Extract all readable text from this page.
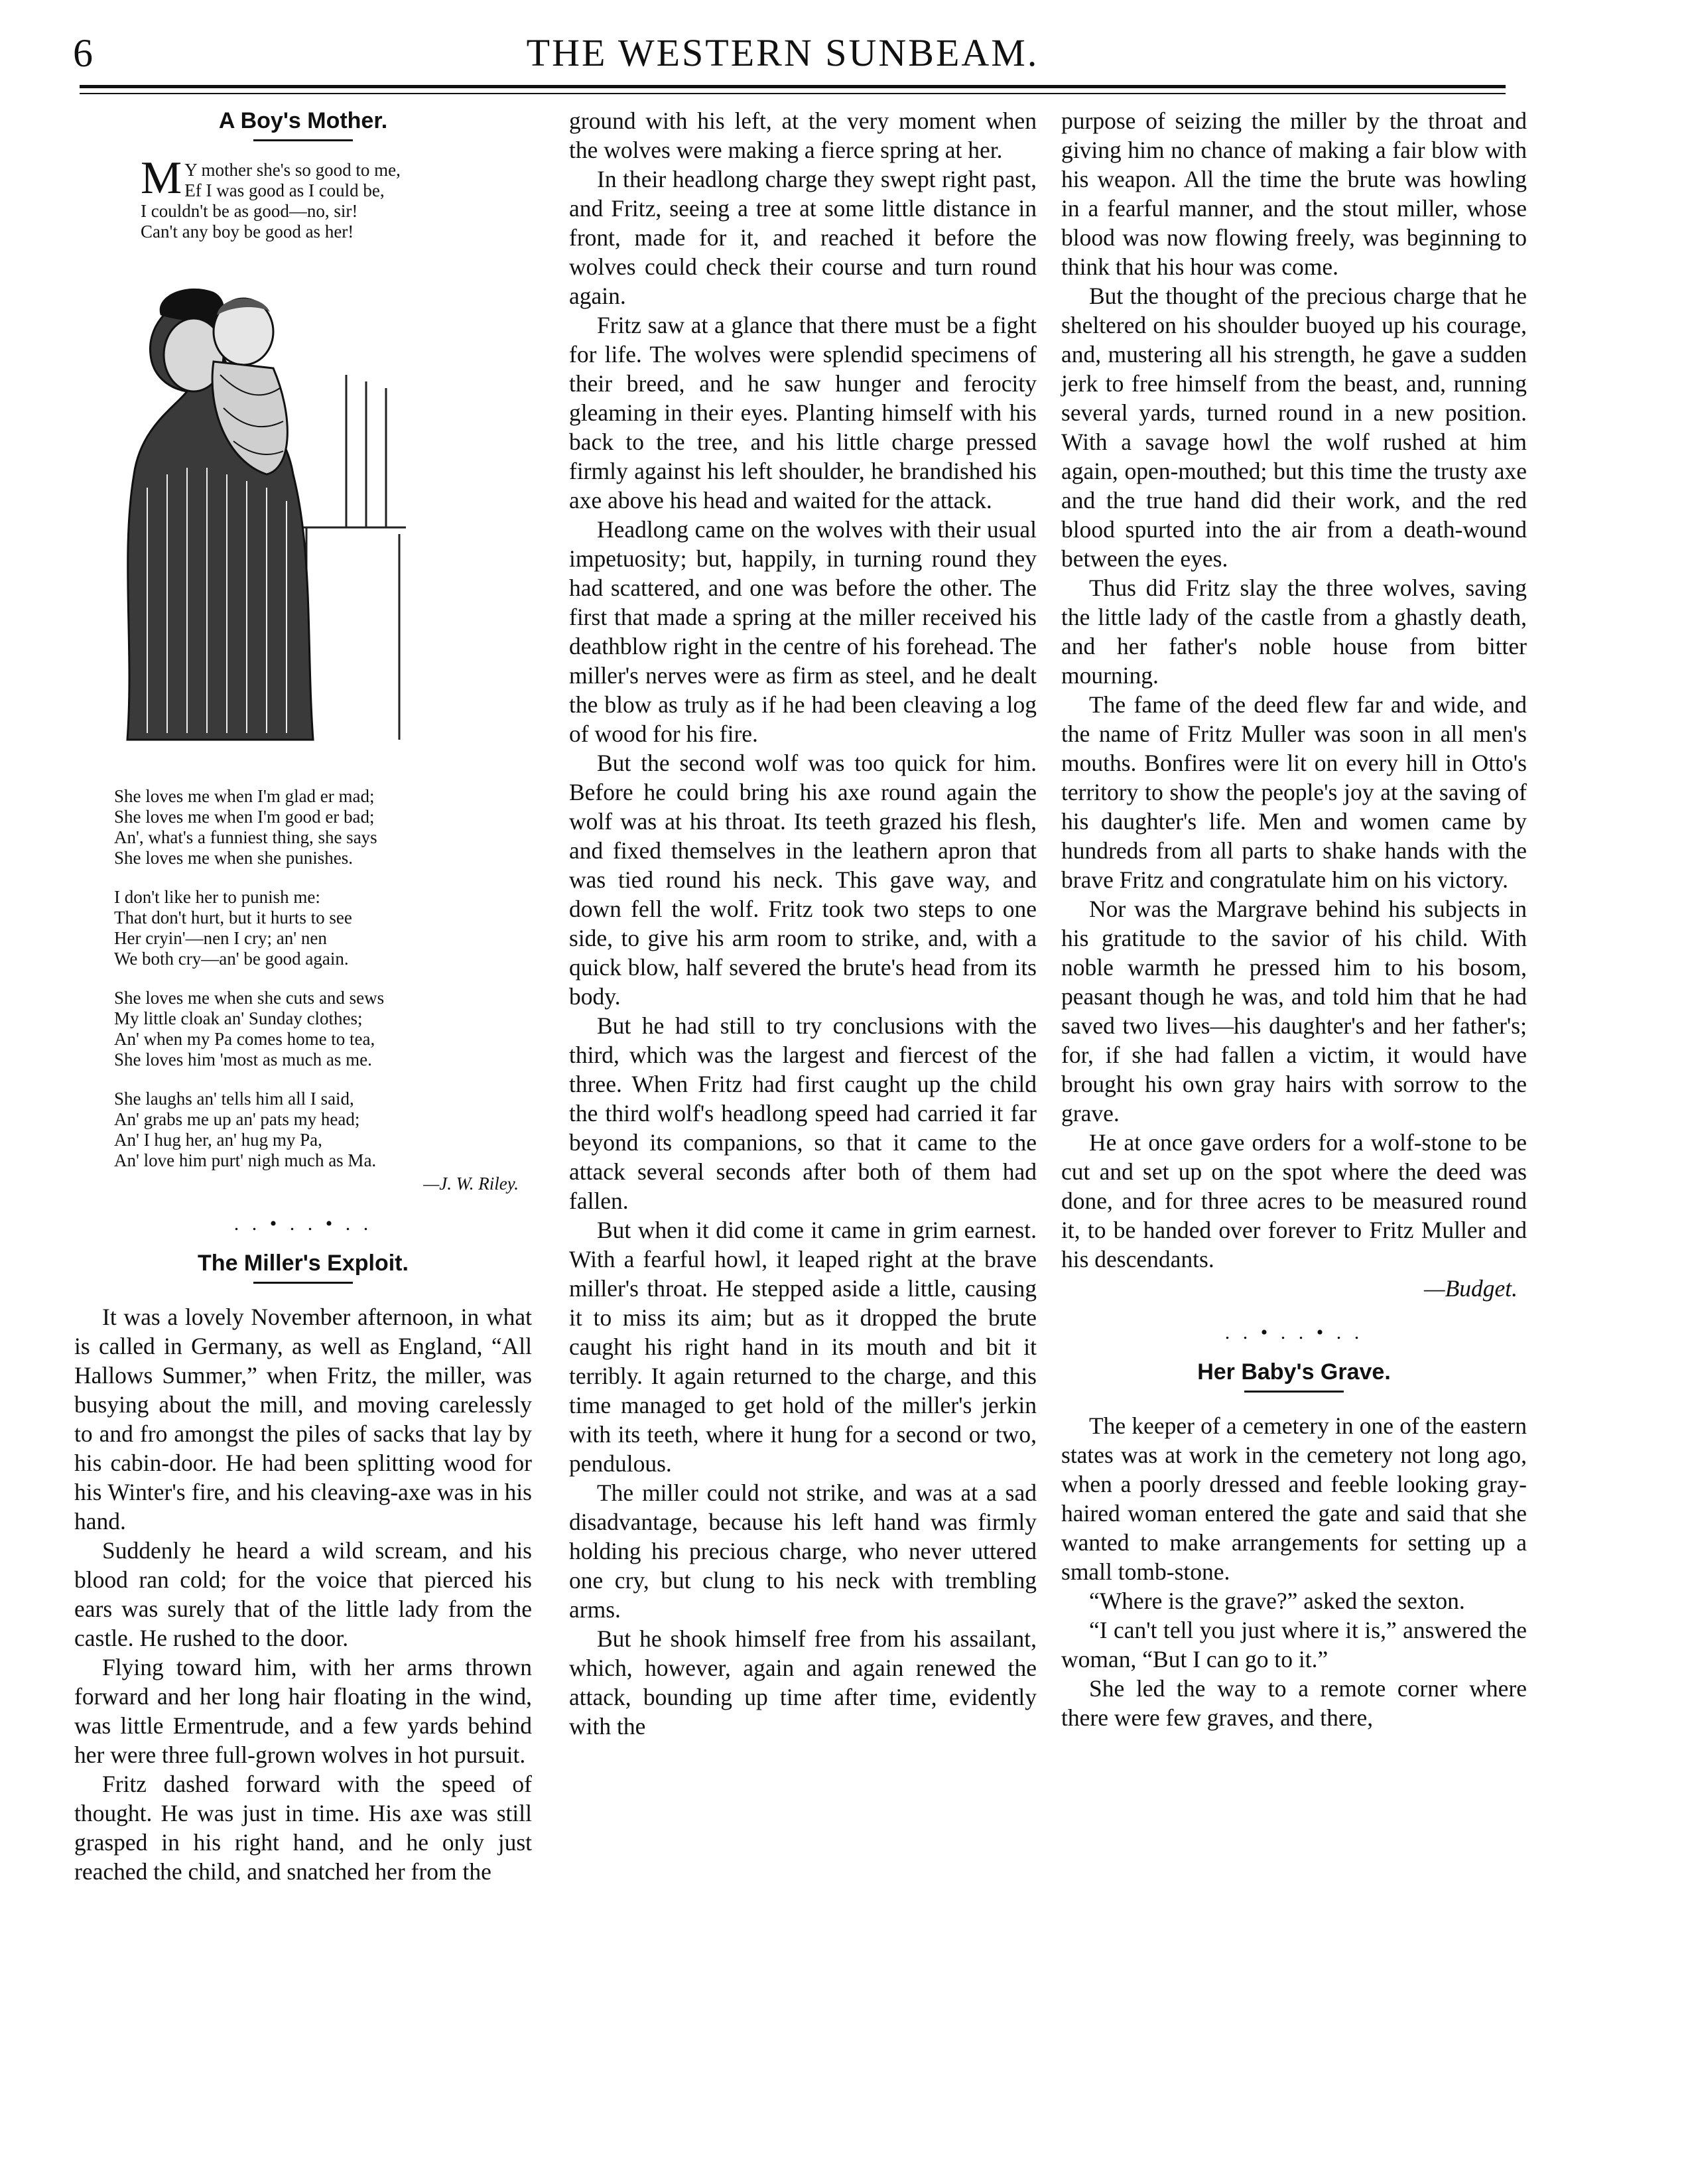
6	THE WESTERN SUNBEAM.
A Boy's Mother.
M Y mother she's so good to me,
Ef I was good as I could be,
I couldn't be as good—no, sir!
Can't any boy be good as her!
She loves me when I'm glad er mad;
She loves me when I'm good er bad;
An', what's a funniest thing, she says
She loves me when she punishes.
I don't like her to punish me:
That don't hurt, but it hurts to see
Her cryin'—nen I cry; an' nen
We both cry—an' be good again.
She loves me when she cuts and sews
My little cloak an' Sunday clothes;
An' when my Pa comes home to tea,
She loves him 'most as much as me.
She laughs an' tells him all I said,
An' grabs me up an' pats my head;
An' I hug her, an' hug my Pa,
An' love him purt' nigh much as Ma.
—J. W. Riley.
. . • . . • . .
The Miller's Exploit.

It was a lovely November afternoon, in what is called in Germany, as well as England, “All Hallows Summer,” when Fritz, the miller, was busying about the mill, and moving carelessly to and fro amongst the piles of sacks that lay by his cabin-door. He had been splitting wood for his Winter's fire, and his cleaving-axe was in his hand.

Suddenly he heard a wild scream, and his blood ran cold; for the voice that pierced his ears was surely that of the little lady from the castle. He rushed to the door.

Flying toward him, with her arms thrown forward and her long hair floating in the wind, was little Ermentrude, and a few yards behind her were three full-grown wolves in hot pursuit.

Fritz dashed forward with the speed of thought. He was just in time. His axe was still grasped in his right hand, and he only just reached the child, and snatched her from the

ground with his left, at the very moment when the wolves were making a fierce spring at her.

In their headlong charge they swept right past, and Fritz, seeing a tree at some little distance in front, made for it, and reached it before the wolves could check their course and turn round again.

Fritz saw at a glance that there must be a fight for life. The wolves were splendid specimens of their breed, and he saw hunger and ferocity gleaming in their eyes. Planting himself with his back to the tree, and his little charge pressed firmly against his left shoulder, he brandished his axe above his head and waited for the attack.

Headlong came on the wolves with their usual impetuosity; but, happily, in turning round they had scattered, and one was before the other. The first that made a spring at the miller received his deathblow right in the centre of his forehead. The miller's nerves were as firm as steel, and he dealt the blow as truly as if he had been cleaving a log of wood for his fire.

But the second wolf was too quick for him. Before he could bring his axe round again the wolf was at his throat. Its teeth grazed his flesh, and fixed themselves in the leathern apron that was tied round his neck. This gave way, and down fell the wolf. Fritz took two steps to one side, to give his arm room to strike, and, with a quick blow, half severed the brute's head from its body.

But he had still to try conclusions with the third, which was the largest and fiercest of the three. When Fritz had first caught up the child the third wolf's headlong speed had carried it far beyond its companions, so that it came to the attack several seconds after both of them had fallen.

But when it did come it came in grim earnest. With a fearful howl, it leaped right at the brave miller's throat. He stepped aside a little, causing it to miss its aim; but as it dropped the brute caught his right hand in its mouth and bit it terribly. It again returned to the charge, and this time managed to get hold of the miller's jerkin with its teeth, where it hung for a second or two, pendulous.

The miller could not strike, and was at a sad disadvantage, because his left hand was firmly holding his precious charge, who never uttered one cry, but clung to his neck with trembling arms.

But he shook himself free from his assailant, which, however, again and again renewed the attack, bounding up time after time, evidently with the

purpose of seizing the miller by the throat and giving him no chance of making a fair blow with his weapon. All the time the brute was howling in a fearful manner, and the stout miller, whose blood was now flowing freely, was beginning to think that his hour was come.

But the thought of the precious charge that he sheltered on his shoulder buoyed up his courage, and, mustering all his strength, he gave a sudden jerk to free himself from the beast, and, running several yards, turned round in a new position. With a savage howl the wolf rushed at him again, open-mouthed; but this time the trusty axe and the true hand did their work, and the red blood spurted into the air from a death-wound between the eyes.

Thus did Fritz slay the three wolves, saving the little lady of the castle from a ghastly death, and her father's noble house from bitter mourning.

The fame of the deed flew far and wide, and the name of Fritz Muller was soon in all men's mouths. Bonfires were lit on every hill in Otto's territory to show the people's joy at the saving of his daughter's life. Men and women came by hundreds from all parts to shake hands with the brave Fritz and congratulate him on his victory.

Nor was the Margrave behind his subjects in his gratitude to the savior of his child. With noble warmth he pressed him to his bosom, peasant though he was, and told him that he had saved two lives—his daughter's and her father's; for, if she had fallen a victim, it would have brought his own gray hairs with sorrow to the grave.

He at once gave orders for a wolf-stone to be cut and set up on the spot where the deed was done, and for three acres to be measured round it, to be handed over forever to Fritz Muller and his descendants.

—Budget.
. . • . . • . .
Her Baby's Grave.

The keeper of a cemetery in one of the eastern states was at work in the cemetery not long ago, when a poorly dressed and feeble looking gray-haired woman entered the gate and said that she wanted to make arrangements for setting up a small tomb-stone.

“Where is the grave?” asked the sexton.

“I can't tell you just where it is,” answered the woman, “But I can go to it.”

She led the way to a remote corner where there were few graves, and there,
